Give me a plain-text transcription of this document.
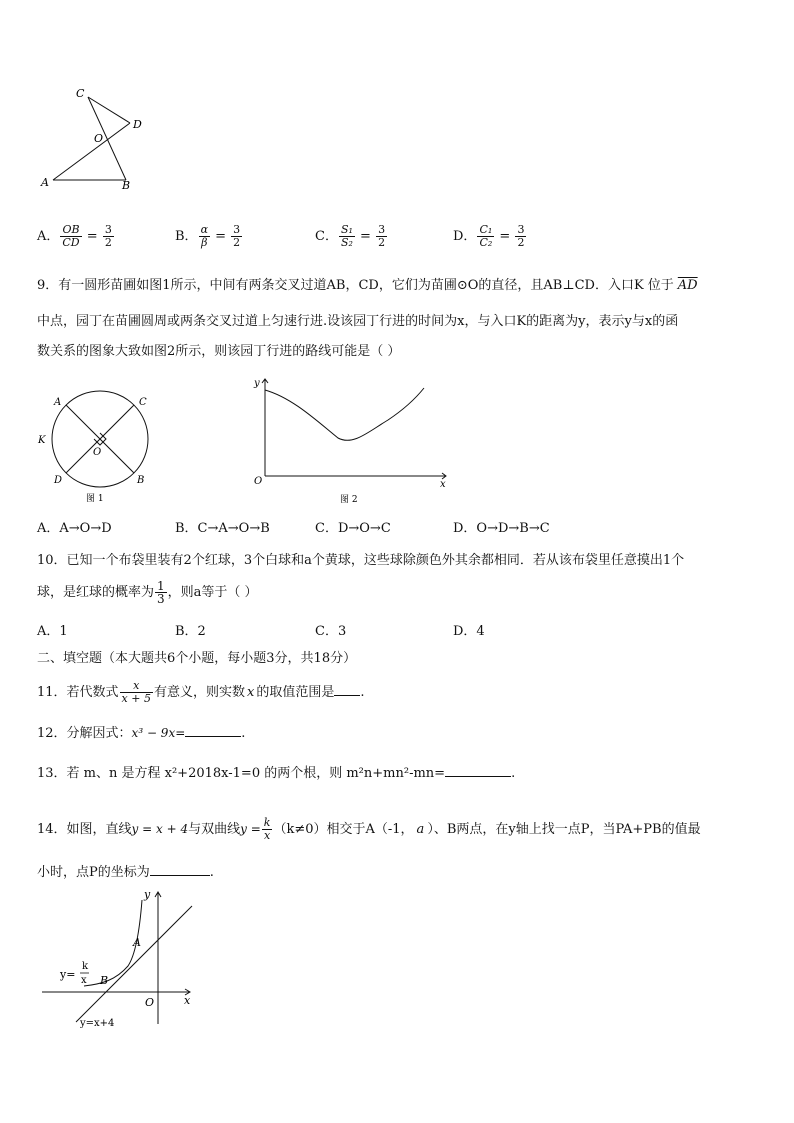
C
D
O
A	B
A． $\frac{OB}{CD} = \frac{3}{2}$	B． $\frac{\alpha}{\beta} = \frac{3}{2}$	C． $\frac{\text{S₁}}{\text{S₂}} = \frac{3}{2}$	D． $\frac{\text{C₁}}{\text{C₂}} = \frac{3}{2}$
9．有一圆形苗圃如图1所示，中间有两条交叉过道AB，CD，它们为苗圃⊙O的直径，且AB⊥CD．入口K 位于 $\overline{AD}$
中点，园丁在苗圃圆周或两条交叉过道上匀速行进.设该园丁行进的时间为x，与入口K的距离为y，表示y与x的函
数关系的图象大致如图2所示，则该园丁行进的路线可能是（ ）
A	C
K
O
D	B
图 1
y
O	x
图 2
A．A→O→D	B．C→A→O→B	C．D→O→C	D．O→D→B→C
10．已知一个布袋里装有2个红球，3个白球和a个黄球，这些球除颜色外其余都相同．若从该布袋里任意摸出1个
球，是红球的概率为 $\frac{1}{3}$ ，则a等于（ ）
A．1	B．2	C．3	D．4
二、填空题（本大题共6个小题，每小题3分，共18分）
11．若代数式 $\frac{x}{x + 5}$ 有意义，则实数 x 的取值范围是 .
12．分解因式：x³ − 9x=	.
13．若 m、n 是方程 x²+2018x-1=0 的两个根，则 m²n+mn²-mn=	.
14．如图，直线y = x + 4与双曲线$y = \frac{k}{x} (k\ne 0)$相交于A（-1， a ）、B两点，在y轴上找一点P，当PA+PB的值最
小时，点P的坐标为	.
y
A
y=
k
x B
O	x
y=x+4
